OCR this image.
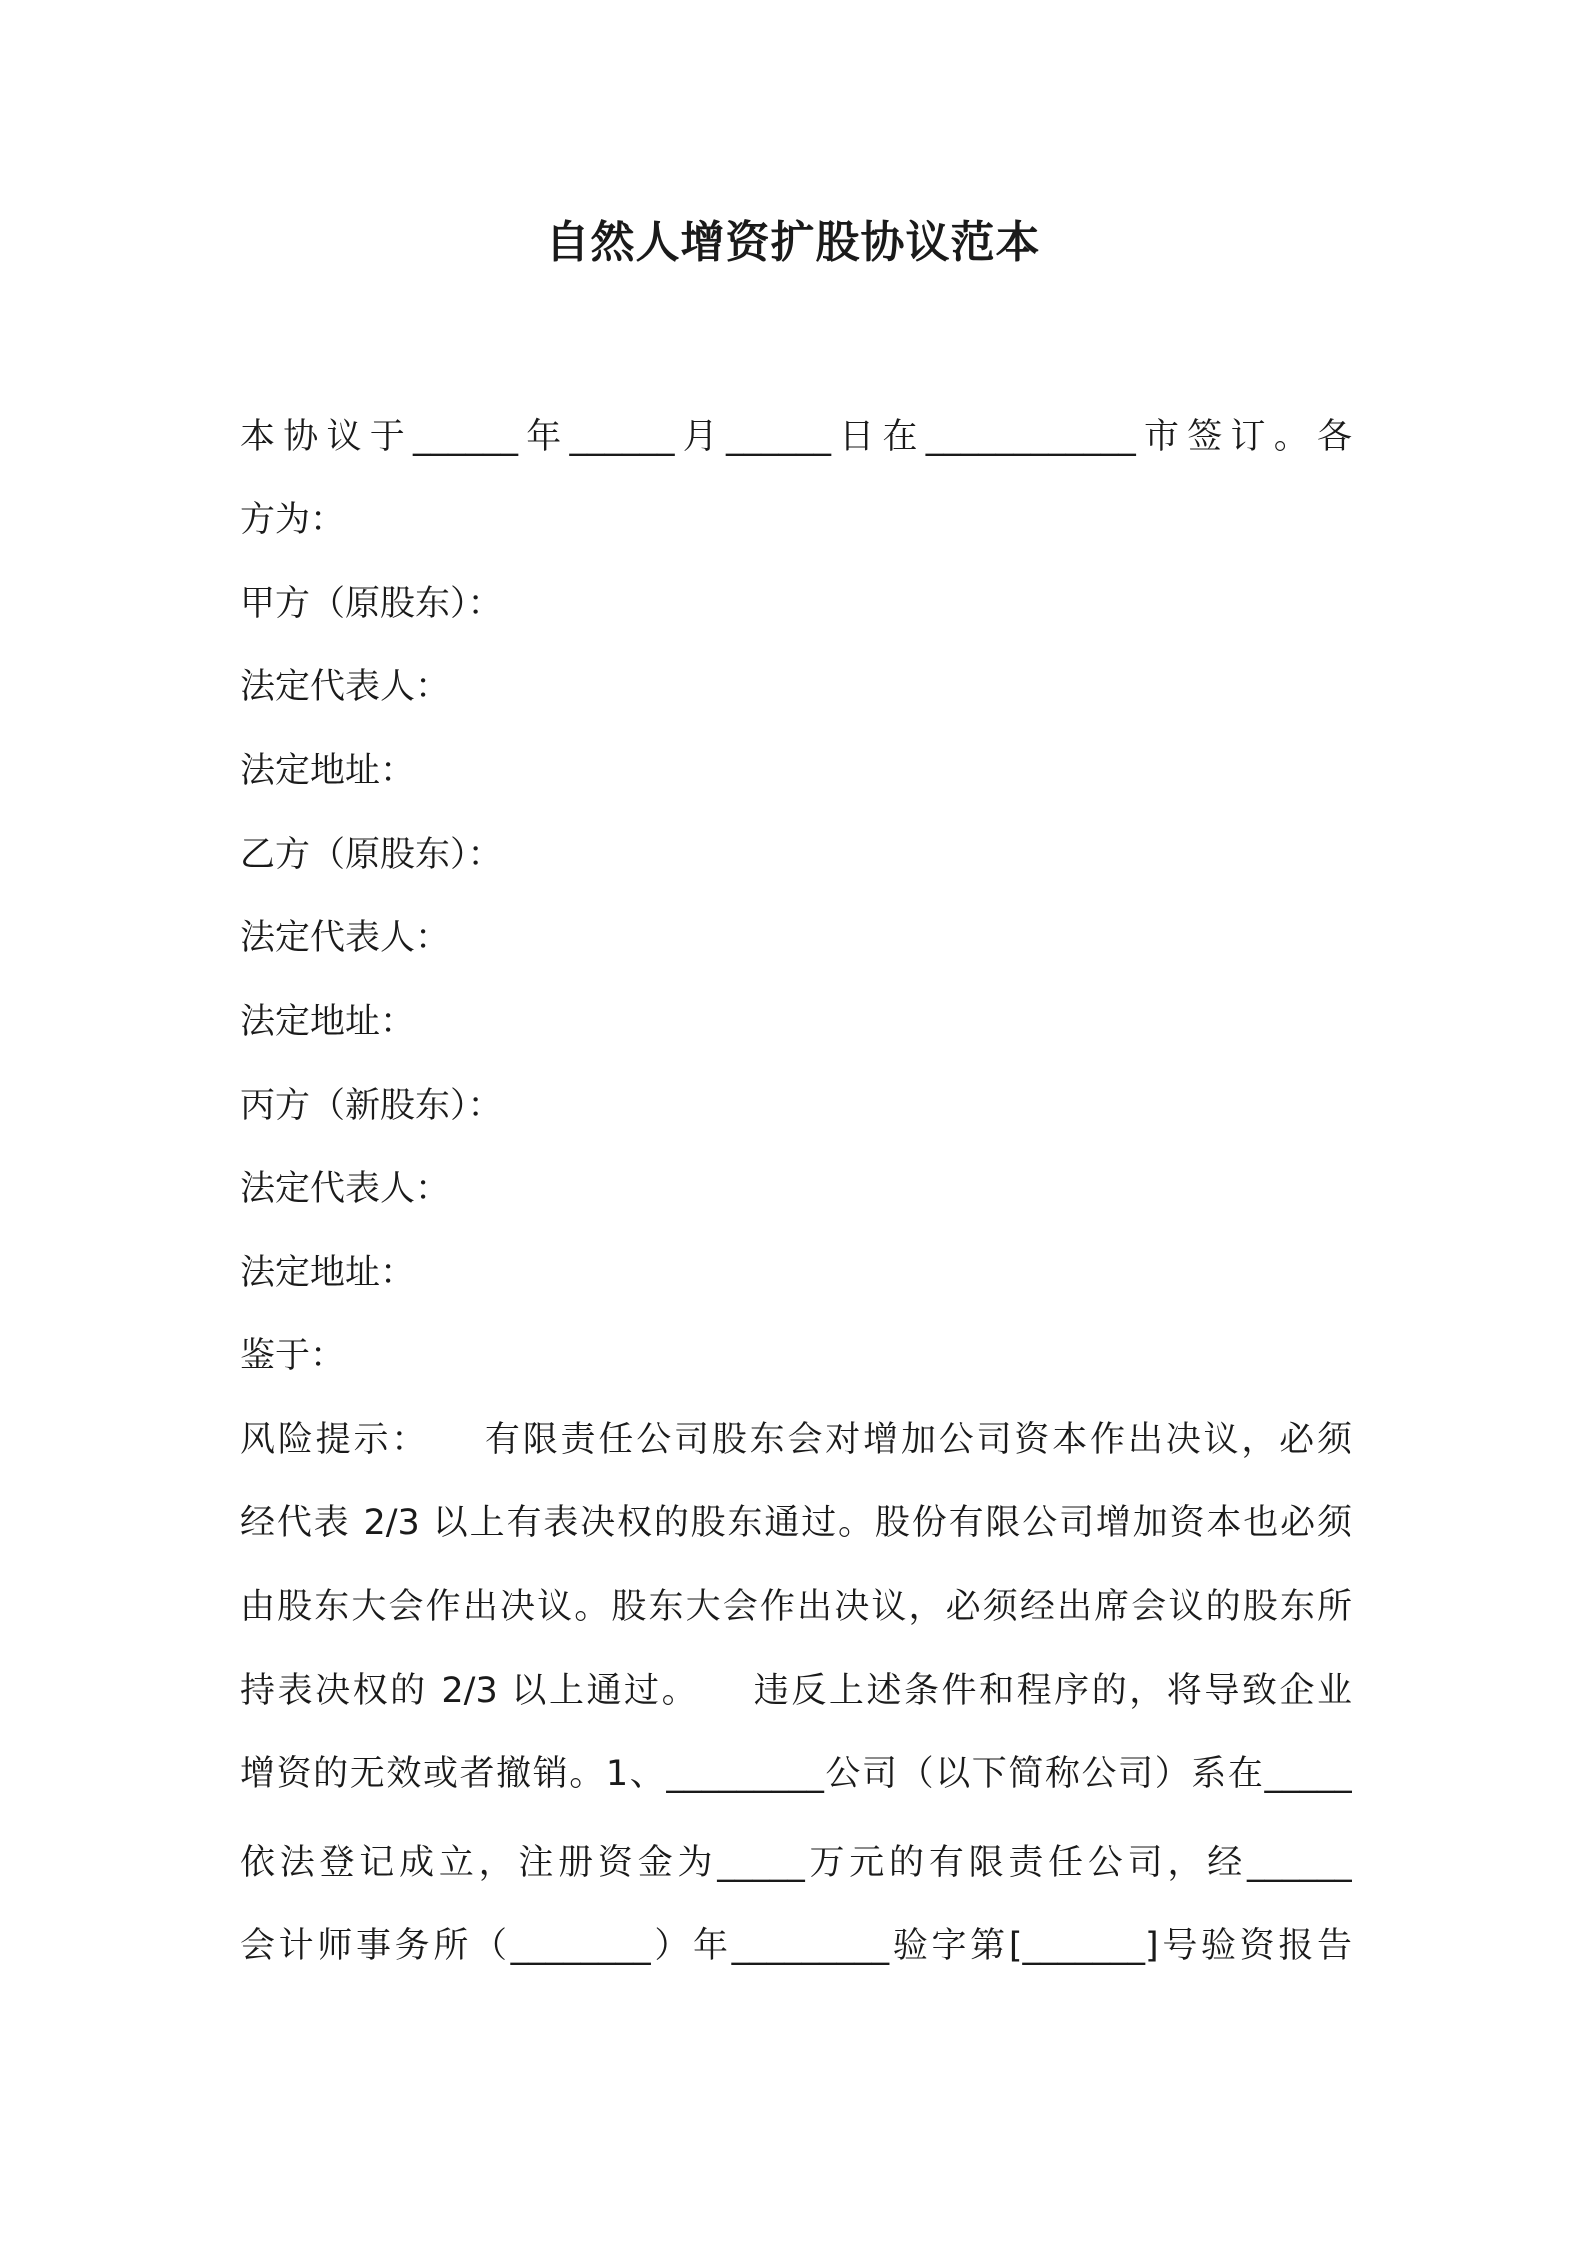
自然人增资扩股协议范本
本协议于______年______月______日在____________市签订。各
方为：
甲方（原股东）：
法定代表人：
法定地址：
乙方（原股东）：
法定代表人：
法定地址：
丙方（新股东）：
法定代表人：
法定地址：
鉴于：
风险提示：    有限责任公司股东会对增加公司资本作出决议，必须
经代表 2/3 以上有表决权的股东通过。股份有限公司增加资本也必须
由股东大会作出决议。股东大会作出决议，必须经出席会议的股东所
持表决权的 2/3 以上通过。    违反上述条件和程序的，将导致企业
增资的无效或者撤销。1、_________公司（以下简称公司）系在_____
依法登记成立，注册资金为_____万元的有限责任公司，经______
会计师事务所（________）年_________验字第[_______]号验资报告
